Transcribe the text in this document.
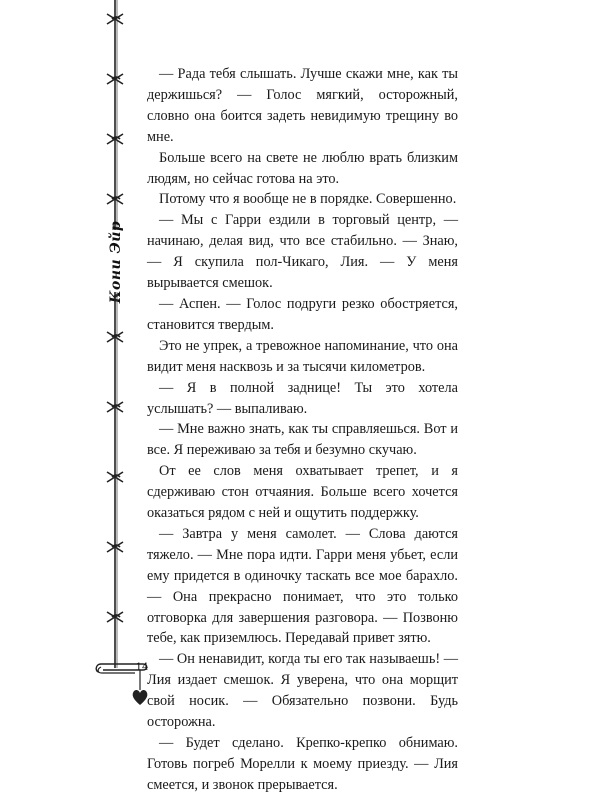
Кони Эйр
14

— Рада тебя слышать. Лучше скажи мне, как ты держишься? — Голос мягкий, осторожный, словно она боится задеть невидимую трещину во мне.

Больше всего на свете не люблю врать близким людям, но сейчас готова на это.

Потому что я вообще не в порядке. Совершенно.

— Мы с Гарри ездили в торговый центр, — начинаю, делая вид, что все стабильно. — Знаю, — Я скупила пол-Чикаго, Лия. — У меня вырывается смешок.

— Аспен. — Голос подруги резко обостряется, становится твердым.

Это не упрек, а тревожное напоминание, что она видит меня насквозь и за тысячи километров.

— Я в полной заднице! Ты это хотела услышать? — выпаливаю.

— Мне важно знать, как ты справляешься. Вот и все. Я переживаю за тебя и безумно скучаю.

От ее слов меня охватывает трепет, и я сдерживаю стон отчаяния. Больше всего хочется оказаться рядом с ней и ощутить поддержку.

— Завтра у меня самолет. — Слова даются тяжело. — Мне пора идти. Гарри меня убьет, если ему придется в одиночку таскать все мое барахло. — Она прекрасно понимает, что это только отговорка для завершения разговора. — Позвоню тебе, как приземлюсь. Передавай привет зятю.

— Он ненавидит, когда ты его так называешь! — Лия издает смешок. Я уверена, что она морщит свой носик. — Обязательно позвони. Будь осторожна.

— Будет сделано. Крепко-крепко обнимаю. Готовь погреб Морелли к моему приезду. — Лия смеется, и звонок прерывается.
